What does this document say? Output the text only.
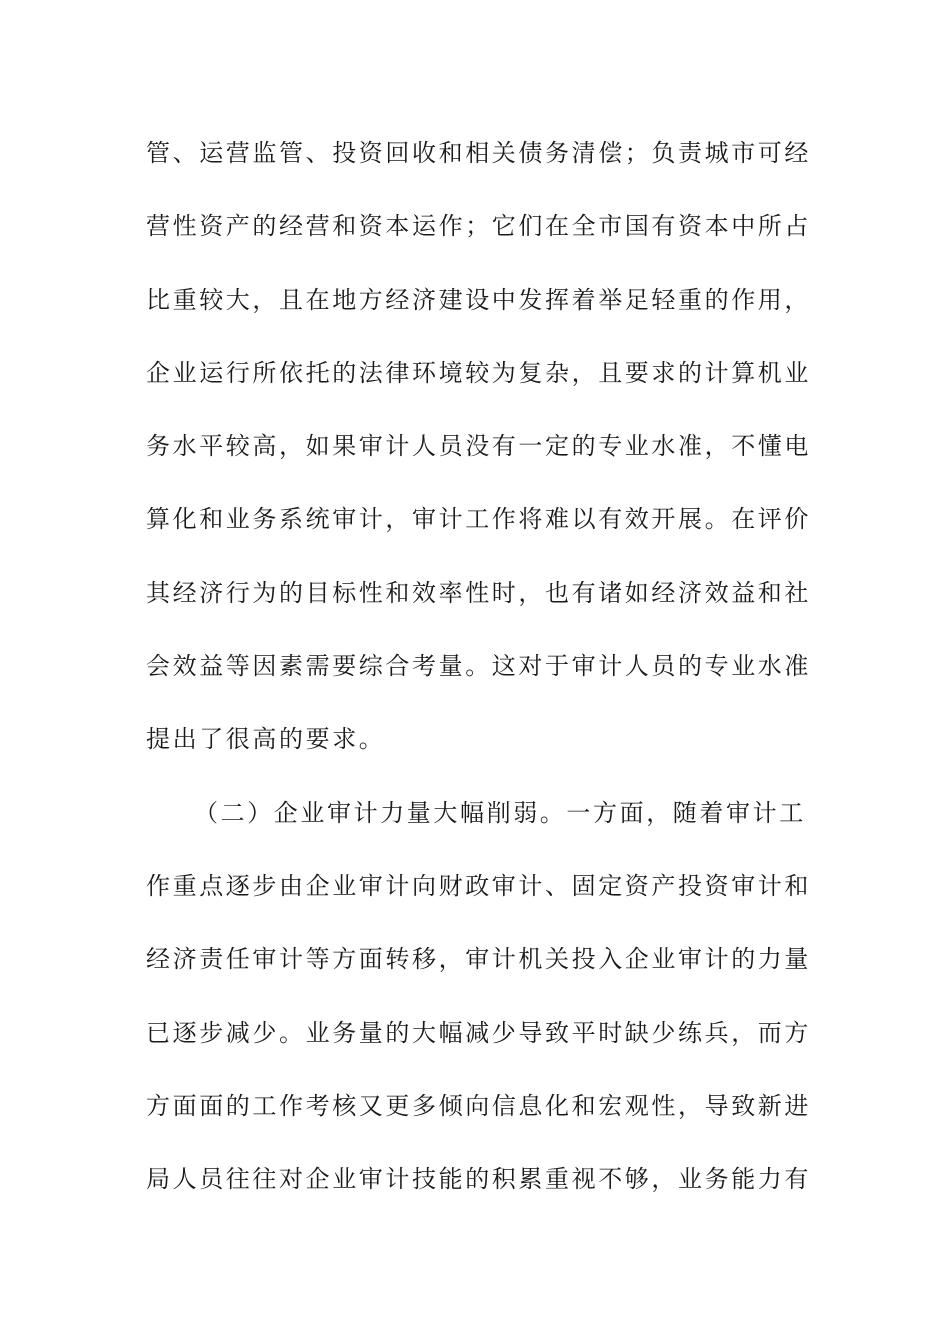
管、运营监管、投资回收和相关债务清偿；负责城市可经
营性资产的经营和资本运作；它们在全市国有资本中所占
比重较大，且在地方经济建设中发挥着举足轻重的作用，
企业运行所依托的法律环境较为复杂，且要求的计算机业
务水平较高，如果审计人员没有一定的专业水准，不懂电
算化和业务系统审计，审计工作将难以有效开展。在评价
其经济行为的目标性和效率性时，也有诸如经济效益和社
会效益等因素需要综合考量。这对于审计人员的专业水准
提出了很高的要求。
（二）企业审计力量大幅削弱。一方面，随着审计工
作重点逐步由企业审计向财政审计、固定资产投资审计和
经济责任审计等方面转移，审计机关投入企业审计的力量
已逐步减少。业务量的大幅减少导致平时缺少练兵，而方
方面面的工作考核又更多倾向信息化和宏观性，导致新进
局人员往往对企业审计技能的积累重视不够，业务能力有
